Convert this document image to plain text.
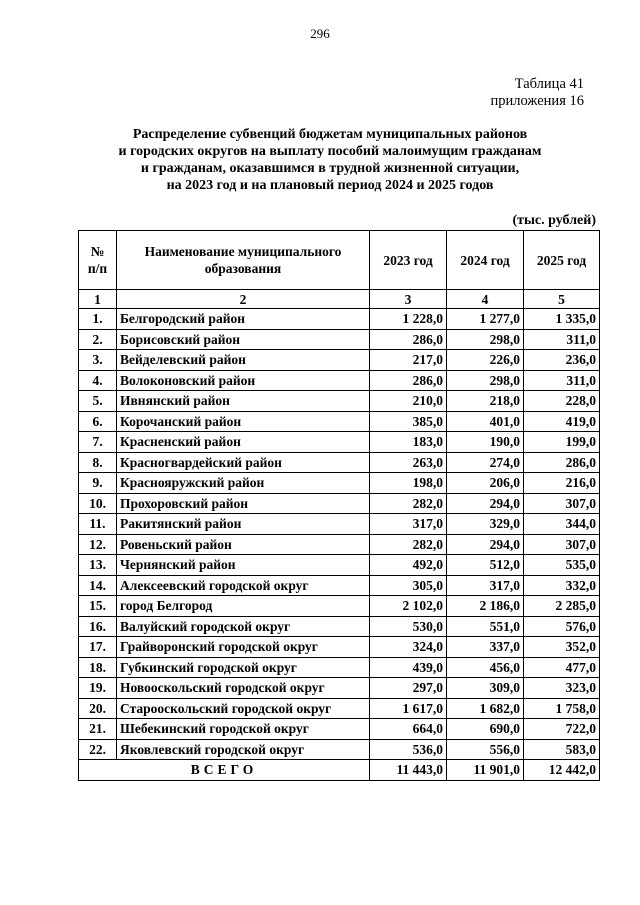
296
Таблица 41
приложения 16
Распределение субвенций бюджетам муниципальных районов
и городских округов на выплату пособий малоимущим гражданам
и гражданам, оказавшимся в трудной жизненной ситуации,
на 2023 год и на плановый период 2024 и 2025 годов
(тыс. рублей)
№
п/п	Наименование муниципального образования	2023 год	2024 год	2025 год
1	2	3	4	5
1.	Белгородский район	1 228,0	1 277,0	1 335,0
2.	Борисовский район	286,0	298,0	311,0
3.	Вейделевский район	217,0	226,0	236,0
4.	Волоконовский район	286,0	298,0	311,0
5.	Ивнянский район	210,0	218,0	228,0
6.	Корочанский район	385,0	401,0	419,0
7.	Красненский район	183,0	190,0	199,0
8.	Красногвардейский район	263,0	274,0	286,0
9.	Краснояружский район	198,0	206,0	216,0
10.	Прохоровский район	282,0	294,0	307,0
11.	Ракитянский район	317,0	329,0	344,0
12.	Ровеньский район	282,0	294,0	307,0
13.	Чернянский район	492,0	512,0	535,0
14.	Алексеевский городской округ	305,0	317,0	332,0
15.	город Белгород	2 102,0	2 186,0	2 285,0
16.	Валуйский городской округ	530,0	551,0	576,0
17.	Грайворонский городской округ	324,0	337,0	352,0
18.	Губкинский городской округ	439,0	456,0	477,0
19.	Новооскольский городской округ	297,0	309,0	323,0
20.	Старооскольский городской округ	1 617,0	1 682,0	1 758,0
21.	Шебекинский городской округ	664,0	690,0	722,0
22.	Яковлевский городской округ	536,0	556,0	583,0
ВСЕГО		11 443,0	11 901,0	12 442,0
